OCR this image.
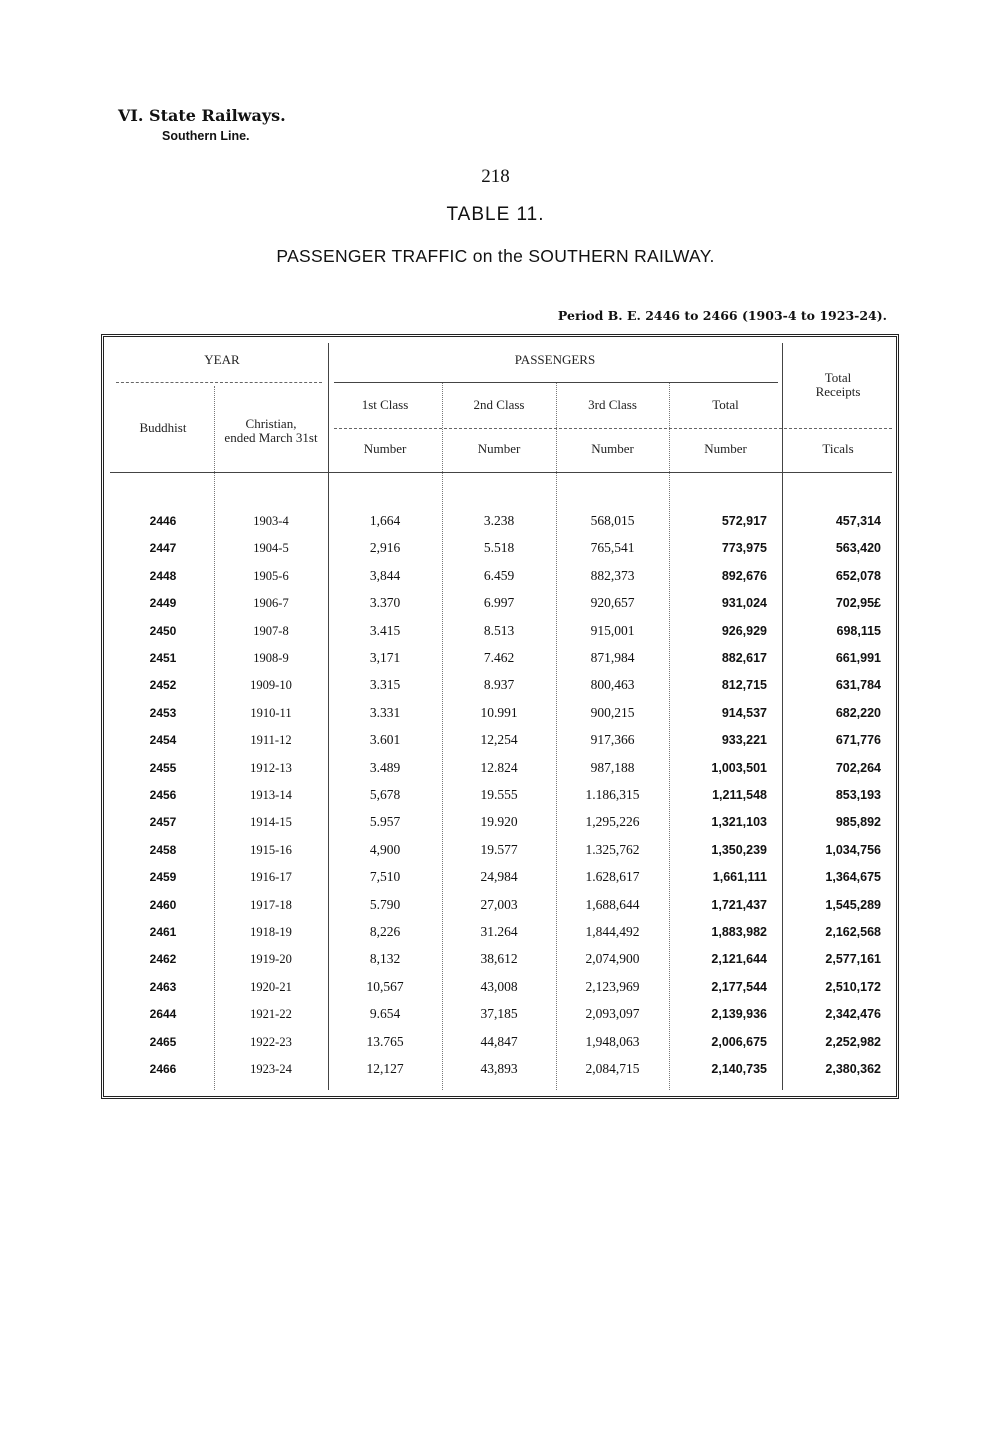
VI. State Railways.
Southern Line.
218
TABLE 11.
PASSENGER TRAFFIC on the SOUTHERN RAILWAY.
Period B. E. 2446 to 2466 (1903-4 to 1923-24).
YEAR	PASSENGERS
Buddhist	Christian,
ended March 31st
1st Class	2nd Class	3rd Class	Total
Total
Receipts
Number	Number	Number	Number	Ticals
2446	1903-4	1,664	3.238	568,015	572,917	457,314
2447	1904-5	2,916	5.518	765,541	773,975	563,420
2448	1905-6	3,844	6.459	882,373	892,676	652,078
2449	1906-7	3.370	6.997	920,657	931,024	702,95£
2450	1907-8	3.415	8.513	915,001	926,929	698,115
2451	1908-9	3,171	7.462	871,984	882,617	661,991
2452	1909-10	3.315	8.937	800,463	812,715	631,784
2453	1910-11	3.331	10.991	900,215	914,537	682,220
2454	1911-12	3.601	12,254	917,366	933,221	671,776
2455	1912-13	3.489	12.824	987,188	1,003,501	702,264
2456	1913-14	5,678	19.555	1.186,315	1,211,548	853,193
2457	1914-15	5.957	19.920	1,295,226	1,321,103	985,892
2458	1915-16	4,900	19.577	1.325,762	1,350,239	1,034,756
2459	1916-17	7,510	24,984	1.628,617	1,661,111	1,364,675
2460	1917-18	5.790	27,003	1,688,644	1,721,437	1,545,289
2461	1918-19	8,226	31.264	1,844,492	1,883,982	2,162,568
2462	1919-20	8,132	38,612	2,074,900	2,121,644	2,577,161
2463	1920-21	10,567	43,008	2,123,969	2,177,544	2,510,172
2644	1921-22	9.654	37,185	2,093,097	2,139,936	2,342,476
2465	1922-23	13.765	44,847	1,948,063	2,006,675	2,252,982
2466	1923-24	12,127	43,893	2,084,715	2,140,735	2,380,362
